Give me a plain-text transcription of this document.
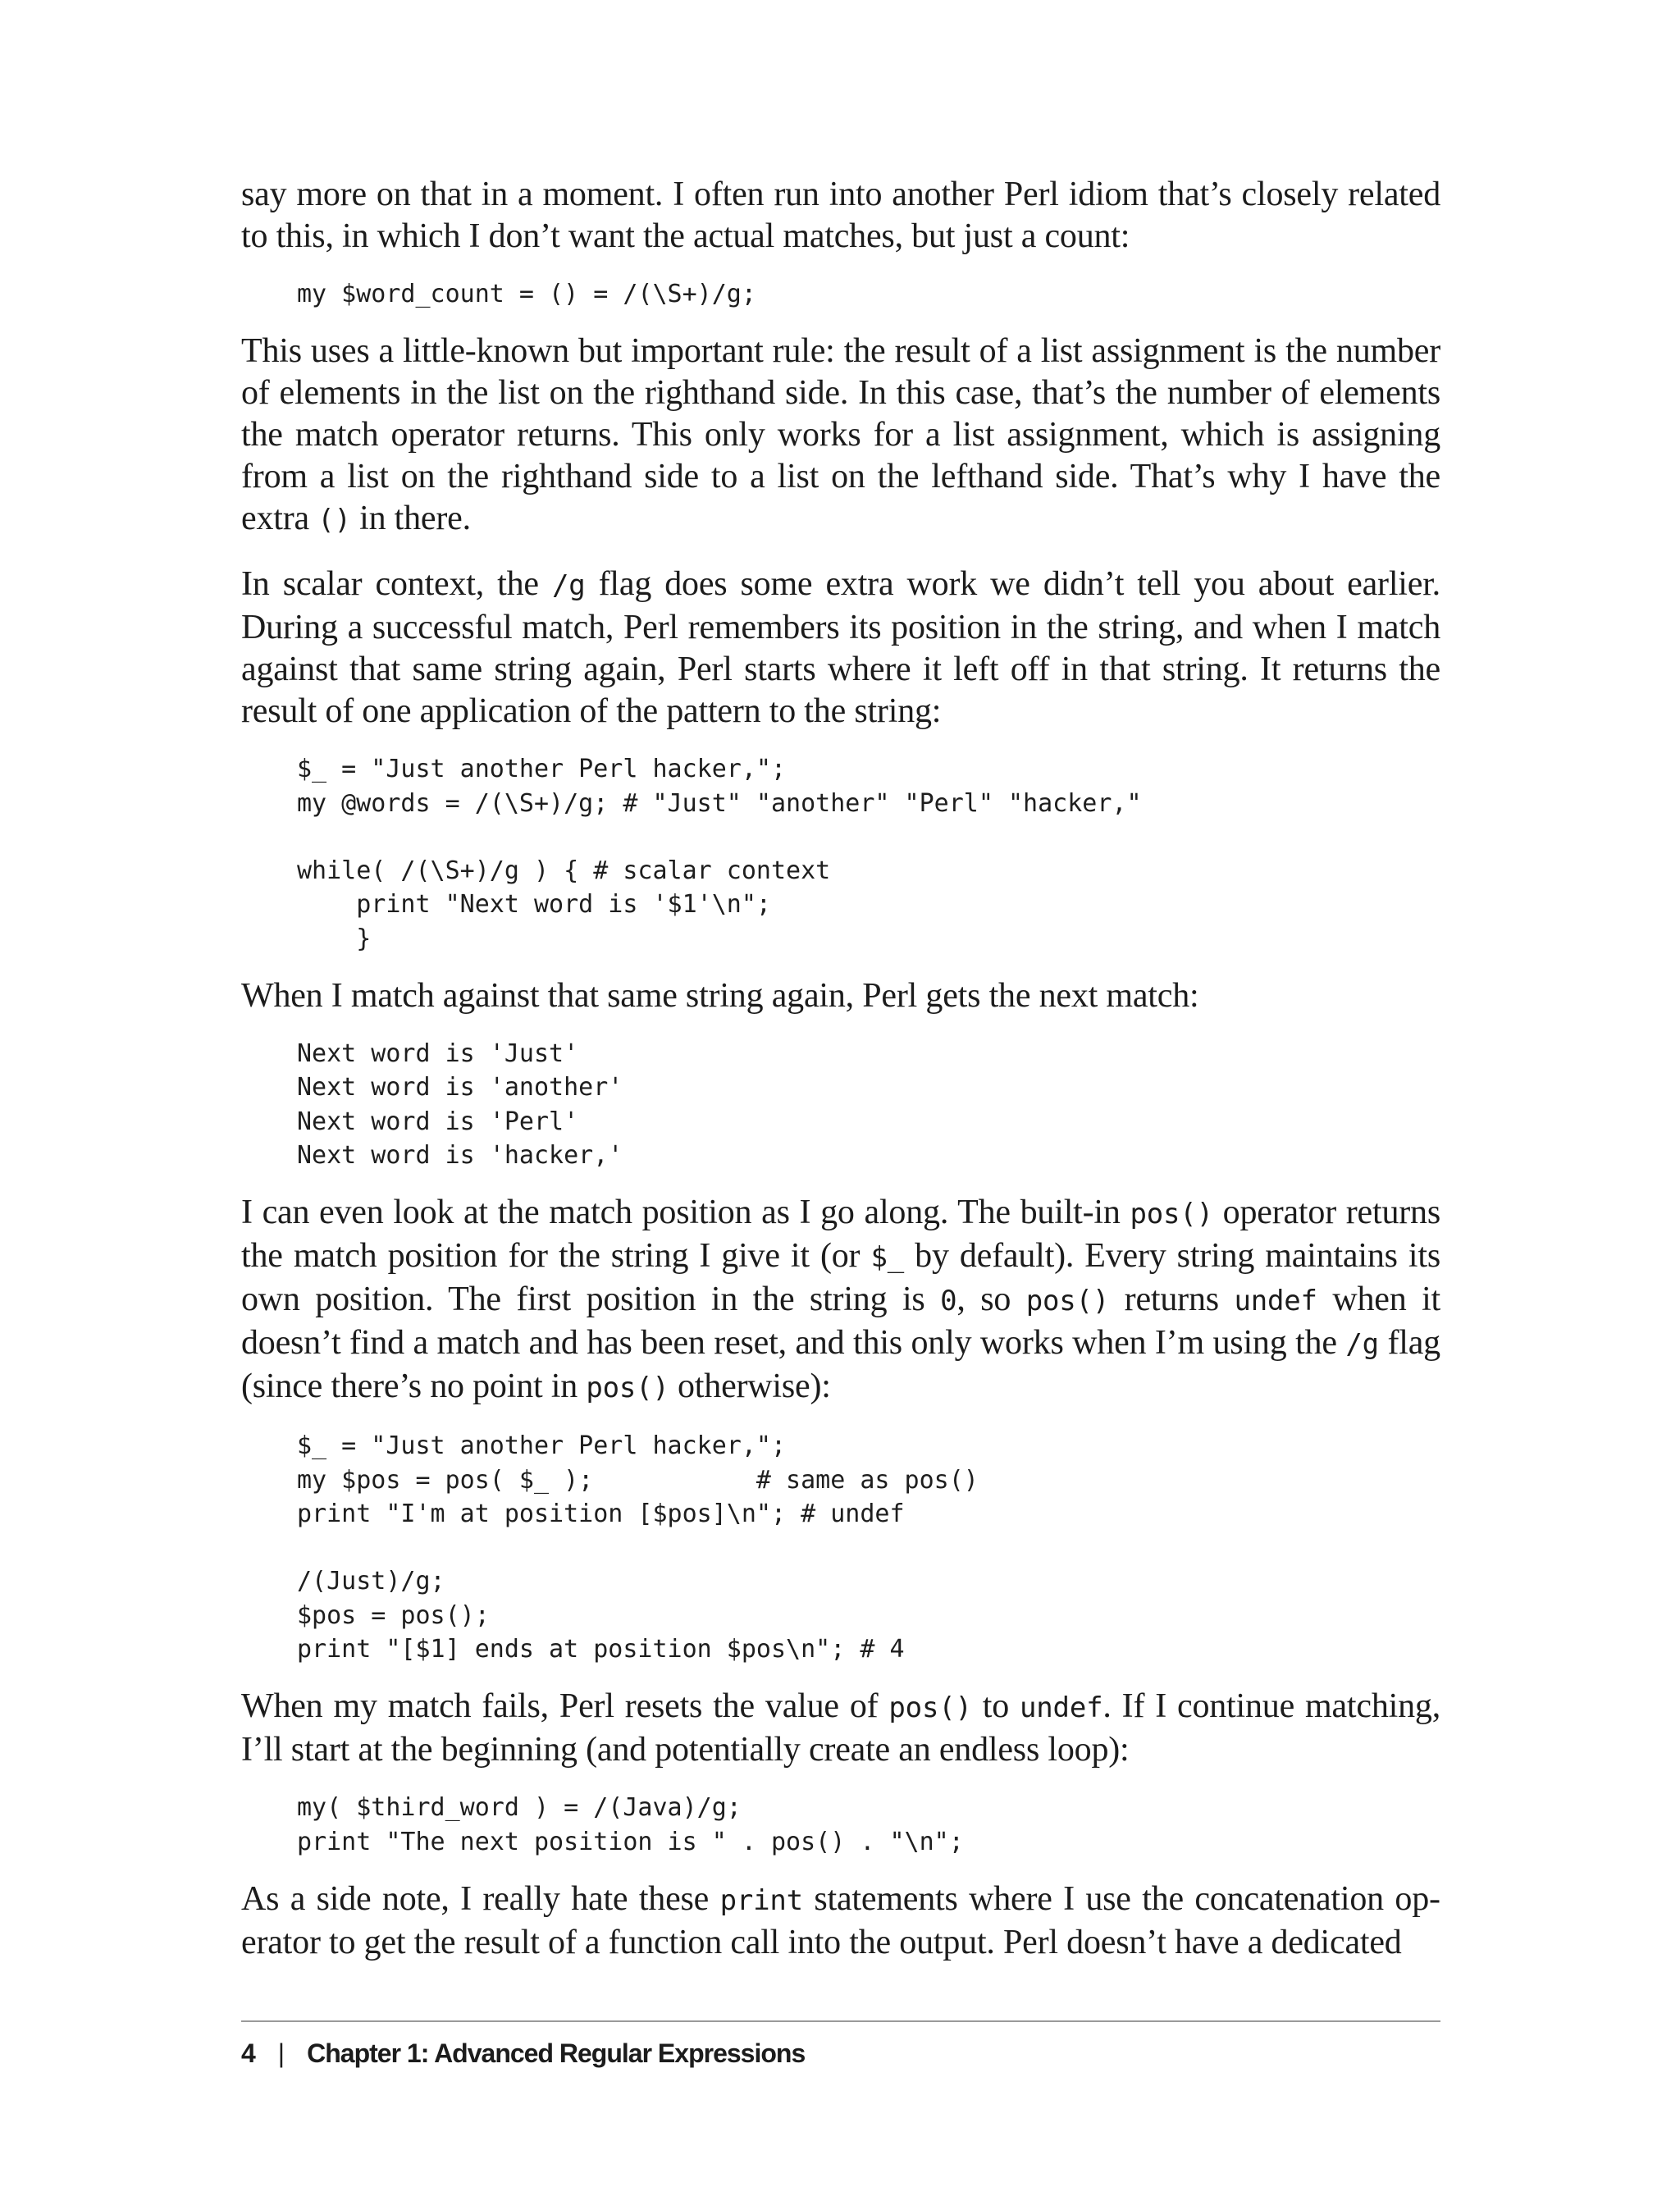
say more on that in a moment. I often run into another Perl idiom that’s closely related to this, in which I don’t want the actual matches, but just a count:

my $word_count = () = /(\S+)/g;

This uses a little-known but important rule: the result of a list assignment is the number of elements in the list on the righthand side. In this case, that’s the number of elements the match operator returns. This only works for a list assignment, which is assigning from a list on the righthand side to a list on the lefthand side. That’s why I have the extra () in there.

In scalar context, the /g flag does some extra work we didn’t tell you about earlier. During a successful match, Perl remembers its position in the string, and when I match against that same string again, Perl starts where it left off in that string. It returns the result of one application of the pattern to the string:

$_ = "Just another Perl hacker,";
my @words = /(\S+)/g; # "Just" "another" "Perl" "hacker,"

while( /(\S+)/g ) { # scalar context
print "Next word is '$1'\n";
}

When I match against that same string again, Perl gets the next match:

Next word is 'Just'
Next word is 'another'
Next word is 'Perl'
Next word is 'hacker,'

I can even look at the match position as I go along. The built-in pos() operator returns the match position for the string I give it (or $_ by default). Every string maintains its own position. The first position in the string is 0, so pos() returns undef when it doesn’t find a match and has been reset, and this only works when I’m using the /g flag (since there’s no point in pos() otherwise):

$_ = "Just another Perl hacker,";
my $pos = pos( $_ );           # same as pos()
print "I'm at position [$pos]\n"; # undef

/(Just)/g;
$pos = pos();
print "[$1] ends at position $pos\n"; # 4

When my match fails, Perl resets the value of pos() to undef. If I continue matching, I’ll start at the beginning (and potentially create an endless loop):

my( $third_word ) = /(Java)/g;
print "The next position is " . pos() . "\n";

As a side note, I really hate these print statements where I use the concatenation operator to get the result of a function call into the output. Perl doesn’t have a dedicated

4 | Chapter 1: Advanced Regular Expressions
